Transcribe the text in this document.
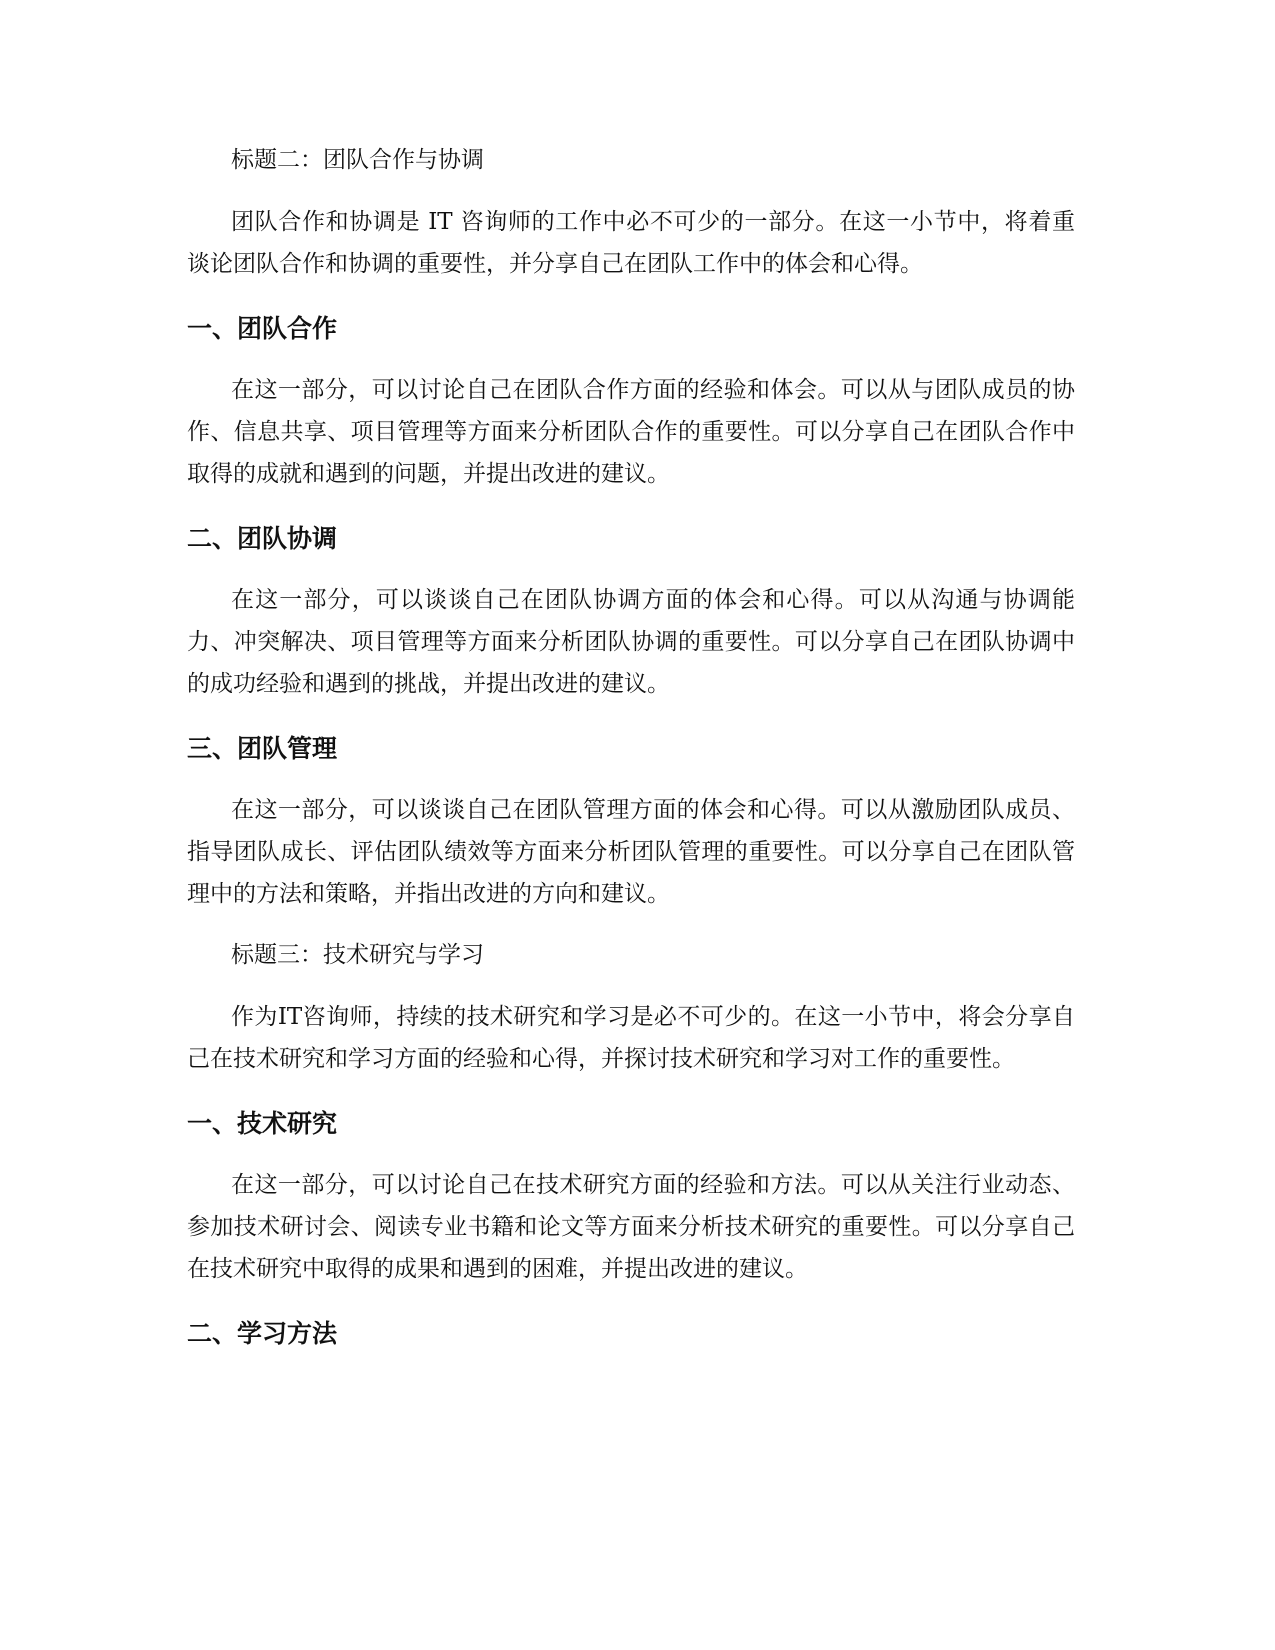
标题二：团队合作与协调

团队合作和协调是 IT 咨询师的工作中必不可少的一部分。在这一小节中，将着重谈论团队合作和协调的重要性，并分享自己在团队工作中的体会和心得。

一、团队合作

在这一部分，可以讨论自己在团队合作方面的经验和体会。可以从与团队成员的协作、信息共享、项目管理等方面来分析团队合作的重要性。可以分享自己在团队合作中取得的成就和遇到的问题，并提出改进的建议。

二、团队协调

在这一部分，可以谈谈自己在团队协调方面的体会和心得。可以从沟通与协调能力、冲突解决、项目管理等方面来分析团队协调的重要性。可以分享自己在团队协调中的成功经验和遇到的挑战，并提出改进的建议。

三、团队管理

在这一部分，可以谈谈自己在团队管理方面的体会和心得。可以从激励团队成员、指导团队成长、评估团队绩效等方面来分析团队管理的重要性。可以分享自己在团队管理中的方法和策略，并指出改进的方向和建议。

标题三：技术研究与学习

作为IT咨询师，持续的技术研究和学习是必不可少的。在这一小节中，将会分享自己在技术研究和学习方面的经验和心得，并探讨技术研究和学习对工作的重要性。

一、技术研究

在这一部分，可以讨论自己在技术研究方面的经验和方法。可以从关注行业动态、参加技术研讨会、阅读专业书籍和论文等方面来分析技术研究的重要性。可以分享自己在技术研究中取得的成果和遇到的困难，并提出改进的建议。

二、学习方法
